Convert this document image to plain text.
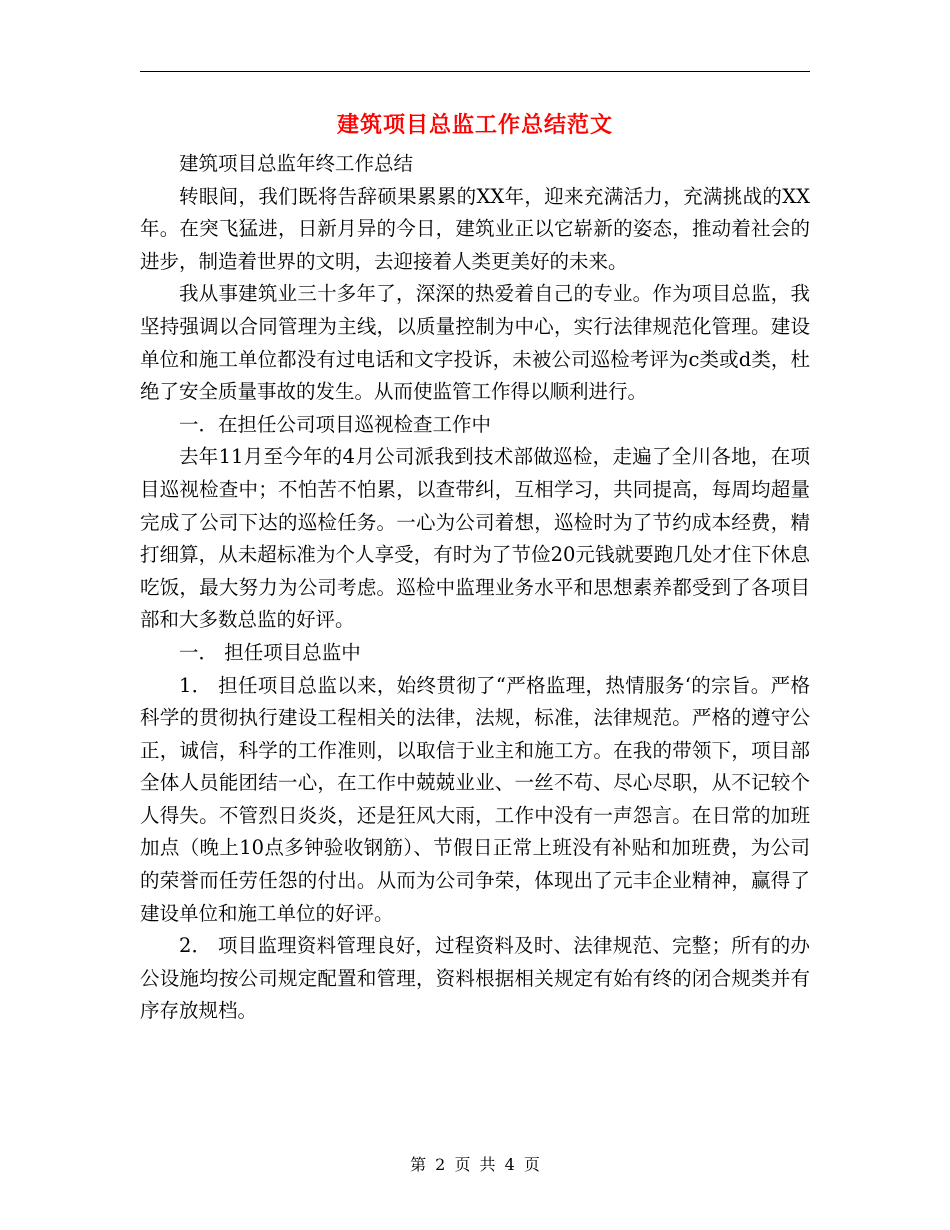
建筑项目总监工作总结范文

建筑项目总监年终工作总结

转眼间，我们既将告辞硕果累累的XX年，迎来充满活力，充满挑战的XX年。在突飞猛进，日新月异的今日，建筑业正以它崭新的姿态，推动着社会的进步，制造着世界的文明，去迎接着人类更美好的未来。

我从事建筑业三十多年了，深深的热爱着自己的专业。作为项目总监，我坚持强调以合同管理为主线，以质量控制为中心，实行法律规范化管理。建设单位和施工单位都没有过电话和文字投诉，未被公司巡检考评为c类或d类，杜绝了安全质量事故的发生。从而使监管工作得以顺利进行。

一．在担任公司项目巡视检查工作中

去年11月至今年的4月公司派我到技术部做巡检，走遍了全川各地，在项目巡视检查中；不怕苦不怕累，以查带纠，互相学习，共同提高，每周均超量完成了公司下达的巡检任务。一心为公司着想，巡检时为了节约成本经费，精打细算，从未超标准为个人享受，有时为了节俭20元钱就要跑几处才住下休息吃饭，最大努力为公司考虑。巡检中监理业务水平和思想素养都受到了各项目部和大多数总监的好评。

一． 担任项目总监中

1． 担任项目总监以来，始终贯彻了“严格监理，热情服务‘的宗旨。严格科学的贯彻执行建设工程相关的法律，法规，标准，法律规范。严格的遵守公正，诚信，科学的工作准则，以取信于业主和施工方。在我的带领下，项目部全体人员能团结一心，在工作中兢兢业业、一丝不苟、尽心尽职，从不记较个人得失。不管烈日炎炎，还是狂风大雨，工作中没有一声怨言。在日常的加班加点（晚上10点多钟验收钢筋）、节假日正常上班没有补贴和加班费，为公司的荣誉而任劳任怨的付出。从而为公司争荣，体现出了元丰企业精神，赢得了建设单位和施工单位的好评。

2． 项目监理资料管理良好，过程资料及时、法律规范、完整；所有的办公设施均按公司规定配置和管理，资料根据相关规定有始有终的闭合规类并有序存放规档。

第 2 页 共 4 页
